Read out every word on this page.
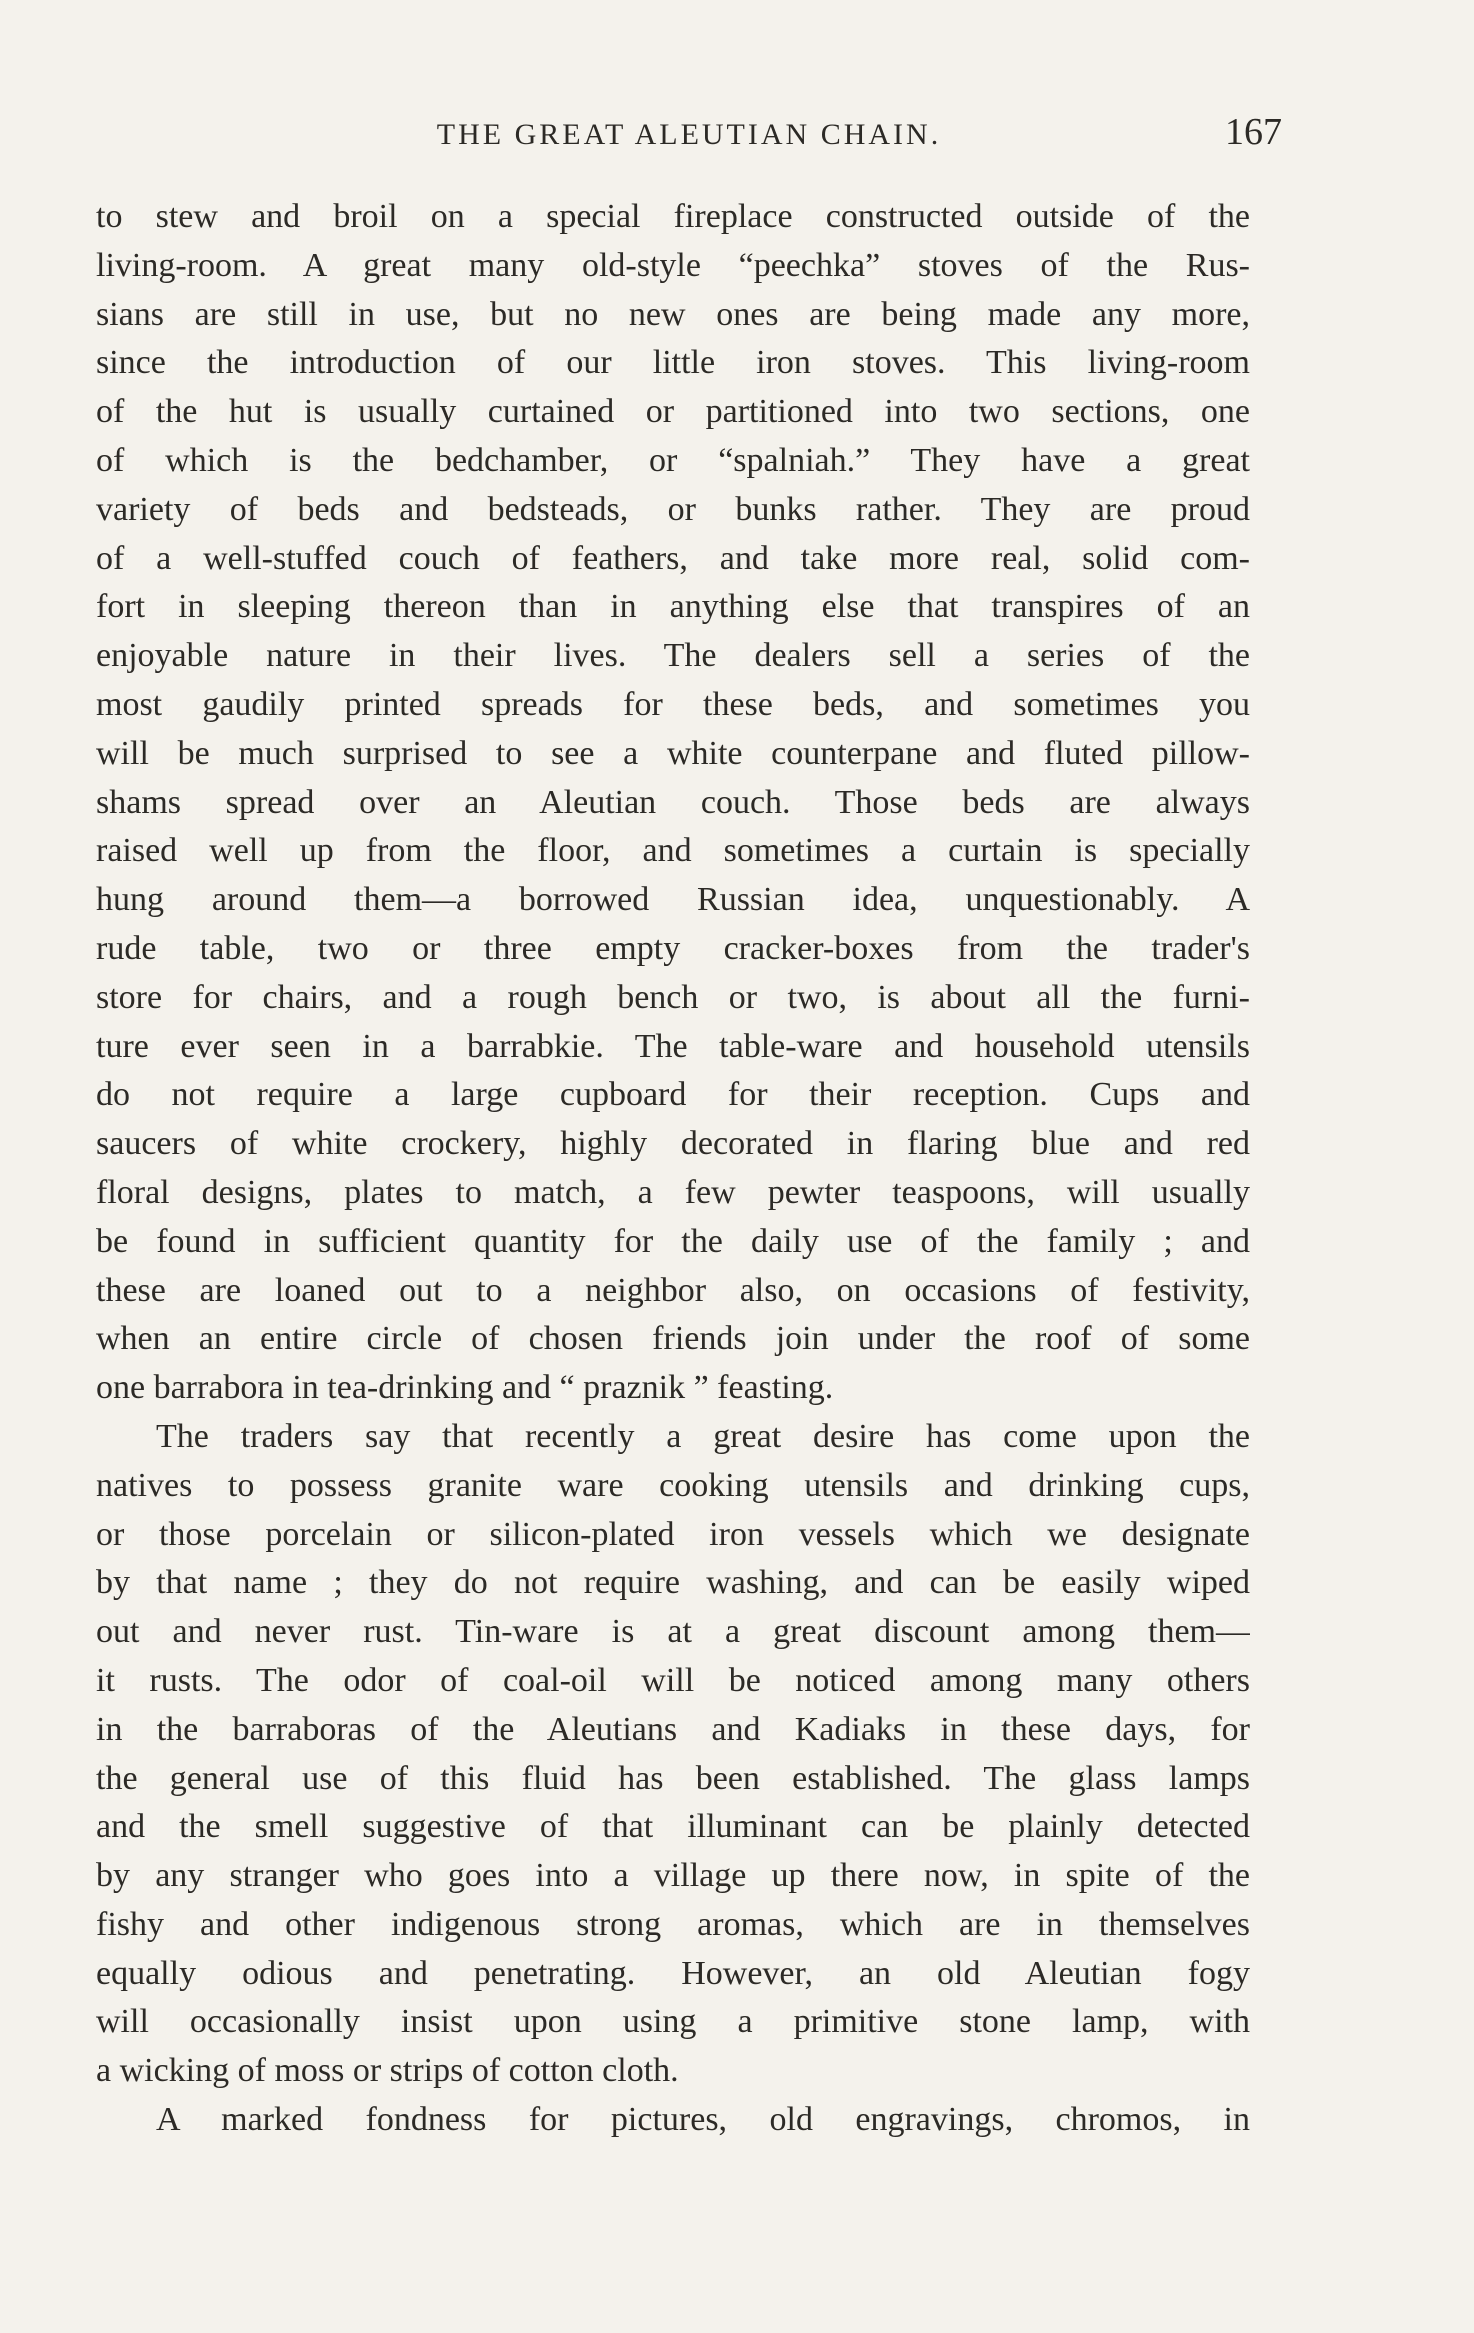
THE GREAT ALEUTIAN CHAIN.	167
to stew and broil on a special fireplace constructed outside of the
living-room. A great many old-style “peechka” stoves of the Rus-
sians are still in use, but no new ones are being made any more,
since the introduction of our little iron stoves. This living-room
of the hut is usually curtained or partitioned into two sections, one
of which is the bedchamber, or “spalniah.” They have a great
variety of beds and bedsteads, or bunks rather. They are proud
of a well-stuffed couch of feathers, and take more real, solid com-
fort in sleeping thereon than in anything else that transpires of an
enjoyable nature in their lives. The dealers sell a series of the
most gaudily printed spreads for these beds, and sometimes you
will be much surprised to see a white counterpane and fluted pillow-
shams spread over an Aleutian couch. Those beds are always
raised well up from the floor, and sometimes a curtain is specially
hung around them—a borrowed Russian idea, unquestionably. A
rude table, two or three empty cracker-boxes from the trader's
store for chairs, and a rough bench or two, is about all the furni-
ture ever seen in a barrabkie. The table-ware and household utensils
do not require a large cupboard for their reception. Cups and
saucers of white crockery, highly decorated in flaring blue and red
floral designs, plates to match, a few pewter teaspoons, will usually
be found in sufficient quantity for the daily use of the family ; and
these are loaned out to a neighbor also, on occasions of festivity,
when an entire circle of chosen friends join under the roof of some
one barrabora in tea-drinking and “ praznik ” feasting.
The traders say that recently a great desire has come upon the
natives to possess granite ware cooking utensils and drinking cups,
or those porcelain or silicon-plated iron vessels which we designate
by that name ; they do not require washing, and can be easily wiped
out and never rust. Tin-ware is at a great discount among them—
it rusts. The odor of coal-oil will be noticed among many others
in the barraboras of the Aleutians and Kadiaks in these days, for
the general use of this fluid has been established. The glass lamps
and the smell suggestive of that illuminant can be plainly detected
by any stranger who goes into a village up there now, in spite of the
fishy and other indigenous strong aromas, which are in themselves
equally odious and penetrating. However, an old Aleutian fogy
will occasionally insist upon using a primitive stone lamp, with
a wicking of moss or strips of cotton cloth.
A marked fondness for pictures, old engravings, chromos, in
